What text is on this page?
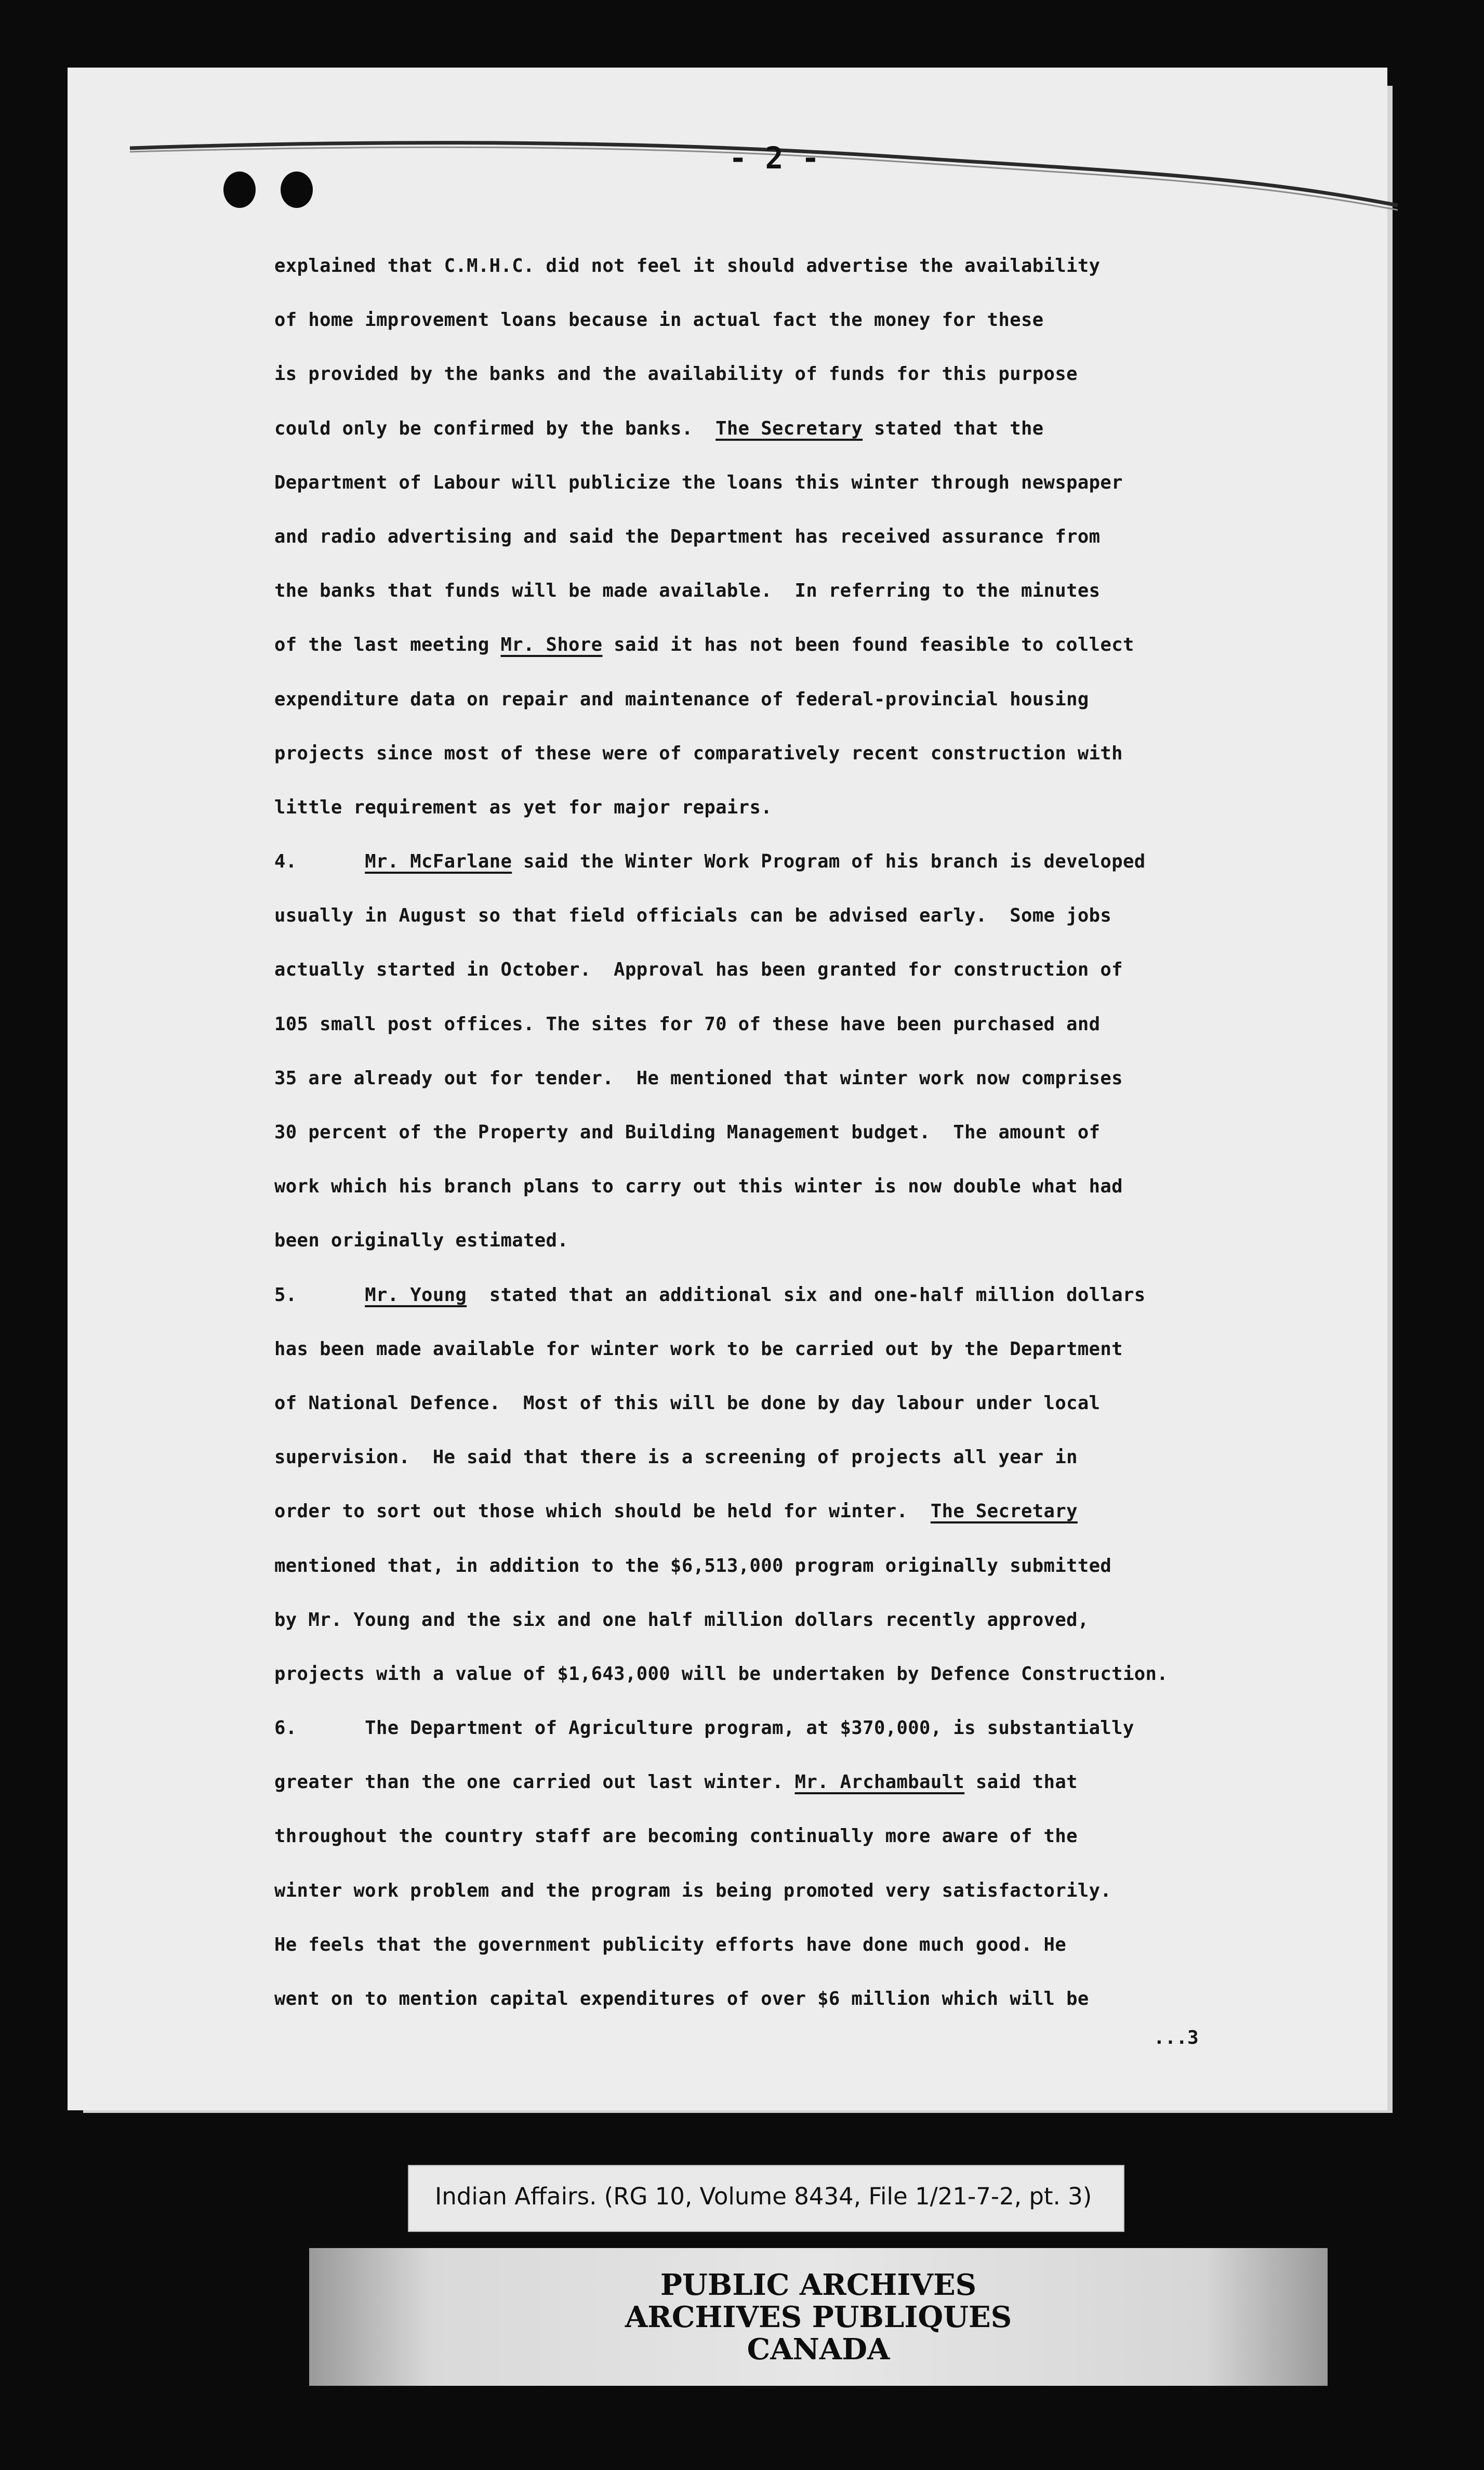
- 2 -
explained that C.M.H.C. did not feel it should advertise the availability
of home improvement loans because in actual fact the money for these
is provided by the banks and the availability of funds for this purpose
could only be confirmed by the banks.  The Secretary stated that the
Department of Labour will publicize the loans this winter through newspaper
and radio advertising and said the Department has received assurance from
the banks that funds will be made available.  In referring to the minutes
of the last meeting Mr. Shore said it has not been found feasible to collect
expenditure data on repair and maintenance of federal-provincial housing
projects since most of these were of comparatively recent construction with
little requirement as yet for major repairs.
4.      Mr. McFarlane said the Winter Work Program of his branch is developed
usually in August so that field officials can be advised early.  Some jobs
actually started in October.  Approval has been granted for construction of
105 small post offices. The sites for 70 of these have been purchased and
35 are already out for tender.  He mentioned that winter work now comprises
30 percent of the Property and Building Management budget.  The amount of
work which his branch plans to carry out this winter is now double what had
been originally estimated.
5.      Mr. Young  stated that an additional six and one-half million dollars
has been made available for winter work to be carried out by the Department
of National Defence.  Most of this will be done by day labour under local
supervision.  He said that there is a screening of projects all year in
order to sort out those which should be held for winter.  The Secretary
mentioned that, in addition to the $6,513,000 program originally submitted
by Mr. Young and the six and one half million dollars recently approved,
projects with a value of $1,643,000 will be undertaken by Defence Construction.
6.      The Department of Agriculture program, at $370,000, is substantially
greater than the one carried out last winter. Mr. Archambault said that
throughout the country staff are becoming continually more aware of the
winter work problem and the program is being promoted very satisfactorily.
He feels that the government publicity efforts have done much good. He
went on to mention capital expenditures of over $6 million which will be
...3
Indian Affairs. (RG 10, Volume 8434, File 1/21-7-2, pt. 3)
PUBLIC ARCHIVES
ARCHIVES PUBLIQUES
CANADA
